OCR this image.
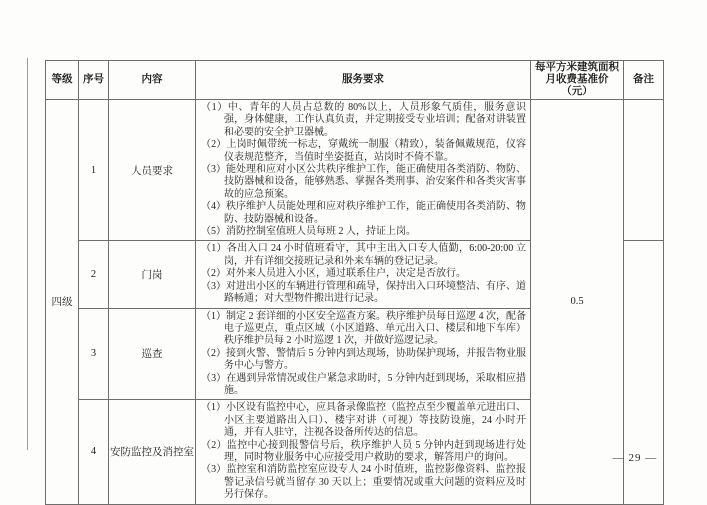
等级	序号	内容	服务要求	每平方米建筑面积月收费基准价（元）	备注
四级	1	人员要求	（1）中、青年的人员占总数的 80%以上，人员形象气质佳，服务意识强，身体健康，工作认真负责，并定期接受专业培训；配备对讲装置和必要的安全护卫器械。
（2）上岗时佩带统一标志，穿戴统一制服（精致），装备佩戴规范，仪容仪表规范整齐，当值时坐姿挺直，站岗时不倚不靠。
（3）能处理和应对小区公共秩序维护工作，能正确使用各类消防、物防、技防器械和设备，能够熟悉、掌握各类刑事、治安案件和各类灾害事故的应急预案。
（4）秩序维护人员能处理和应对秩序维护工作，能正确使用各类消防、物防、技防器械和设备。
（5）消防控制室值班人员每班 2 人，持证上岗。	0.5	
	2	门岗	（1）各出入口 24 小时值班看守，其中主出入口专人值勤，6:00-20:00 立岗，并有详细交接班记录和外来车辆的登记记录。
（2）对外来人员进入小区，通过联系住户，决定是否放行。
（3）对进出小区的车辆进行管理和疏导，保持出入口环境整洁、有序、道路畅通；对大型物件搬出进行记录。		

	3	巡查	（1）制定 2 套详细的小区安全巡查方案。秩序维护员每日巡逻 4 次，配备电子巡更点，重点区域（小区道路、单元出入口、楼层和地下车库）秩序维护员每 2 小时巡逻 1 次，并做好巡逻记录。
（2）接到火警、警情后 5 分钟内到达现场，协助保护现场，并报告物业服务中心与警方。
（3）在遇到异常情况或住户紧急求助时，5 分钟内赶到现场，采取相应措施。		

	4	安防监控及消控室	（1）小区设有监控中心，应具备录像监控（监控点至少覆盖单元进出口、小区主要道路出入口）、楼宇对讲（可视）等技防设施，24 小时开通，并有人驻守，注视各设备所传达的信息。
（2）监控中心接到报警信号后，秩序维护人员 5 分钟内赶到现场进行处理，同时物业服务中心应接受用户救助的要求，解答用户的询问。
（3）监控室和消防监控室应设专人 24 小时值班，监控影像资料、监控报警记录信号就当留存 30 天以上；重要情况或重大问题的资料应及时另行保存。		
— 29 —
